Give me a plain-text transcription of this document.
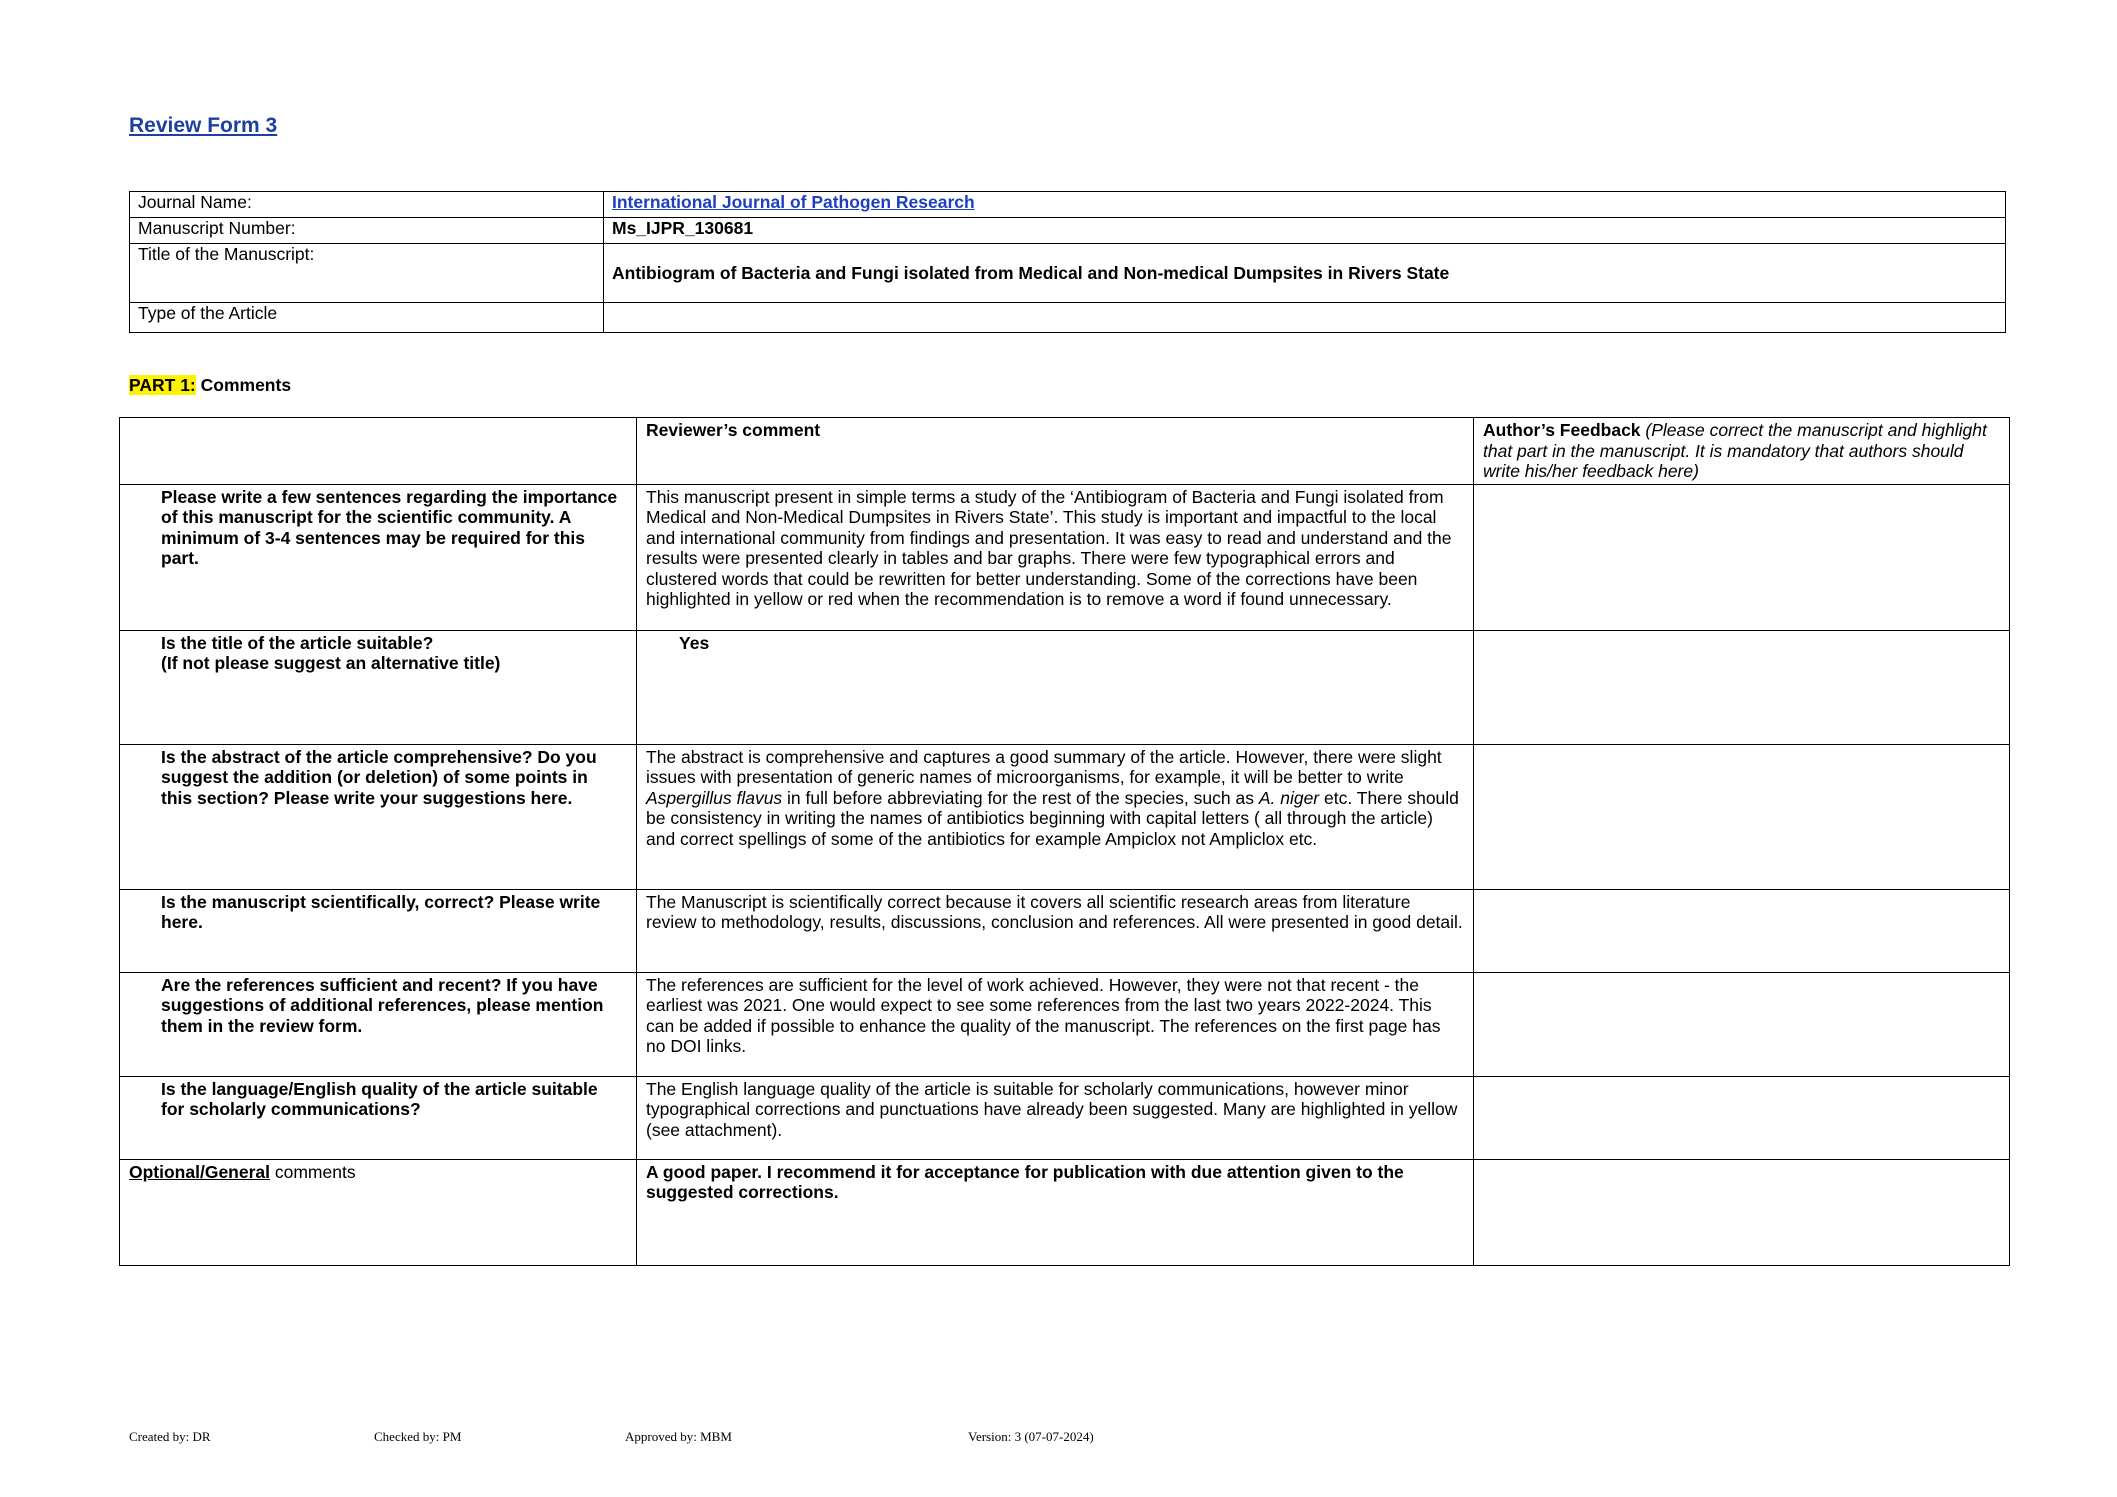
Review Form 3
Journal Name:	International Journal of Pathogen Research
Manuscript Number:	Ms_IJPR_130681
Title of the Manuscript:	Antibiogram of Bacteria and Fungi isolated from Medical and Non-medical Dumpsites in Rivers State
Type of the Article	
PART 1: Comments
	Reviewer’s comment	Author’s Feedback (Please correct the manuscript and highlight that part in the manuscript. It is mandatory that authors should write his/her feedback here)
Please write a few sentences regarding the importance of this manuscript for the scientific community. A minimum of 3-4 sentences may be required for this part.	This manuscript present in simple terms a study of the ‘Antibiogram of Bacteria and Fungi isolated from Medical and Non-Medical Dumpsites in Rivers State’. This study is important and impactful to the local and international community from findings and presentation. It was easy to read and understand and the results were presented clearly in tables and bar graphs. There were few typographical errors and clustered words that could be rewritten for better understanding. Some of the corrections have been highlighted in yellow or red when the recommendation is to remove a word if found unnecessary.	
Is the title of the article suitable?
(If not please suggest an alternative title)	Yes	
Is the abstract of the article comprehensive? Do you suggest the addition (or deletion) of some points in this section? Please write your suggestions here.	The abstract is comprehensive and captures a good summary of the article. However, there were slight issues with presentation of generic names of microorganisms, for example, it will be better to write Aspergillus flavus in full before abbreviating for the rest of the species, such as A. niger etc. There should be consistency in writing the names of antibiotics beginning with capital letters ( all through the article) and correct spellings of some of the antibiotics for example Ampiclox not Ampliclox etc.	
Is the manuscript scientifically, correct? Please write here.	The Manuscript is scientifically correct because it covers all scientific research areas from literature review to methodology, results, discussions, conclusion and references. All were presented in good detail.	
Are the references sufficient and recent? If you have suggestions of additional references, please mention them in the review form.	The references are sufficient for the level of work achieved. However, they were not that recent - the earliest was 2021. One would expect to see some references from the last two years 2022-2024. This can be added if possible to enhance the quality of the manuscript. The references on the first page has no DOI links.	
Is the language/English quality of the article suitable for scholarly communications?	The English language quality of the article is suitable for scholarly communications, however minor typographical corrections and punctuations have already been suggested. Many are highlighted in yellow (see attachment).	
Optional/General comments	A good paper. I recommend it for acceptance for publication with due attention given to the suggested corrections.	
Created by: DR	Checked by: PM	Approved by: MBM	Version: 3 (07-07-2024)
